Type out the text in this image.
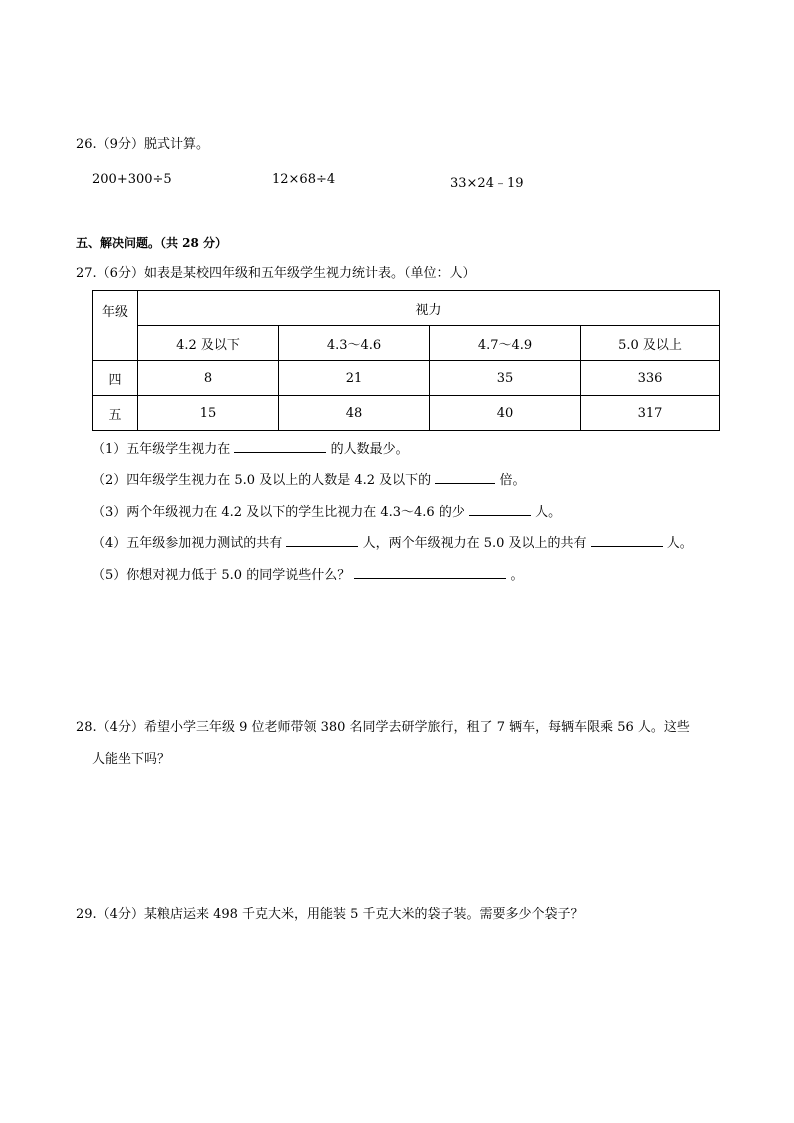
26.（9分）脱式计算。
200+300÷5	12×68÷4	33×24﹣19
五、解决问题。（共 28 分）
27.（6分）如表是某校四年级和五年级学生视力统计表。（单位：人）
年级	视力			
	4.2 及以下	4.3～4.6	4.7～4.9	5.0 及以上
四	8	21	35	336
五	15	48	40	317
（1）五年级学生视力在	的人数最少。
（2）四年级学生视力在 5.0 及以上的人数是 4.2 及以下的	倍。
（3）两个年级视力在 4.2 及以下的学生比视力在 4.3～4.6 的少	人。
（4）五年级参加视力测试的共有	人，两个年级视力在 5.0 及以上的共有	人。
（5）你想对视力低于 5.0 的同学说些什么？	。
28.（4分）希望小学三年级 9 位老师带领 380 名同学去研学旅行，租了 7 辆车，每辆车限乘 56 人。这些
人能坐下吗？
29.（4分）某粮店运来 498 千克大米，用能装 5 千克大米的袋子装。需要多少个袋子？
